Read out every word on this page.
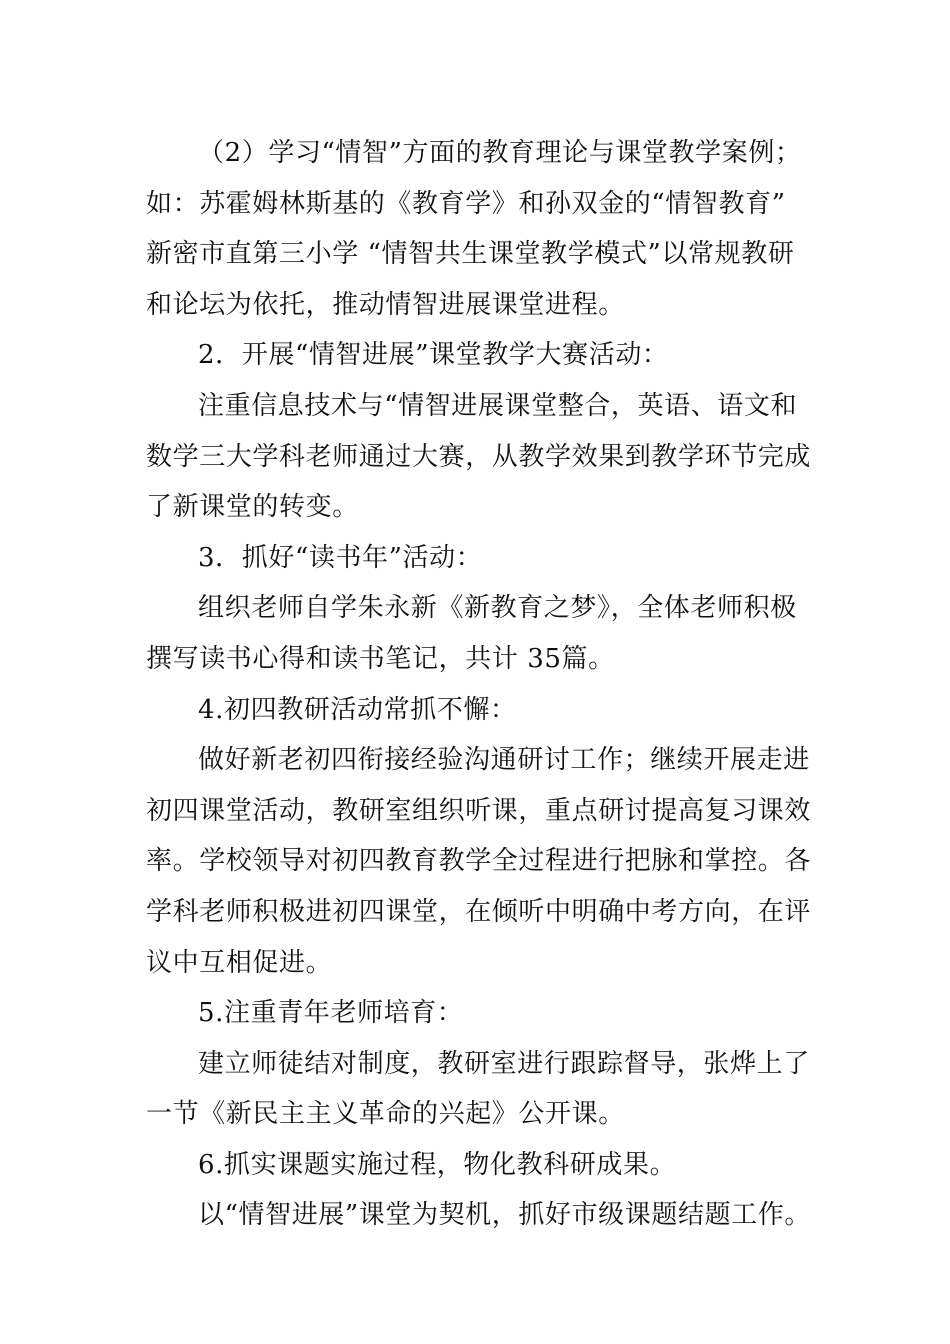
（2）学习“情智”方面的教育理论与课堂教学案例；
如：苏霍姆林斯基的《教育学》和孙双金的“情智教育”
新密市直第三小学 “情智共生课堂教学模式”以常规教研
和论坛为依托，推动情智进展课堂进程。
2．开展“情智进展”课堂教学大赛活动：
注重信息技术与“情智进展课堂整合，英语、语文和
数学三大学科老师通过大赛，从教学效果到教学环节完成
了新课堂的转变。
3．抓好“读书年”活动：
组织老师自学朱永新《新教育之梦》，全体老师积极
撰写读书心得和读书笔记，共计 35篇。
4.初四教研活动常抓不懈：
做好新老初四衔接经验沟通研讨工作；继续开展走进
初四课堂活动，教研室组织听课，重点研讨提高复习课效
率。学校领导对初四教育教学全过程进行把脉和掌控。各
学科老师积极进初四课堂，在倾听中明确中考方向，在评
议中互相促进。
5.注重青年老师培育：
建立师徒结对制度，教研室进行跟踪督导，张烨上了
一节《新民主主义革命的兴起》公开课。
6.抓实课题实施过程，物化教科研成果。
以“情智进展”课堂为契机，抓好市级课题结题工作。
